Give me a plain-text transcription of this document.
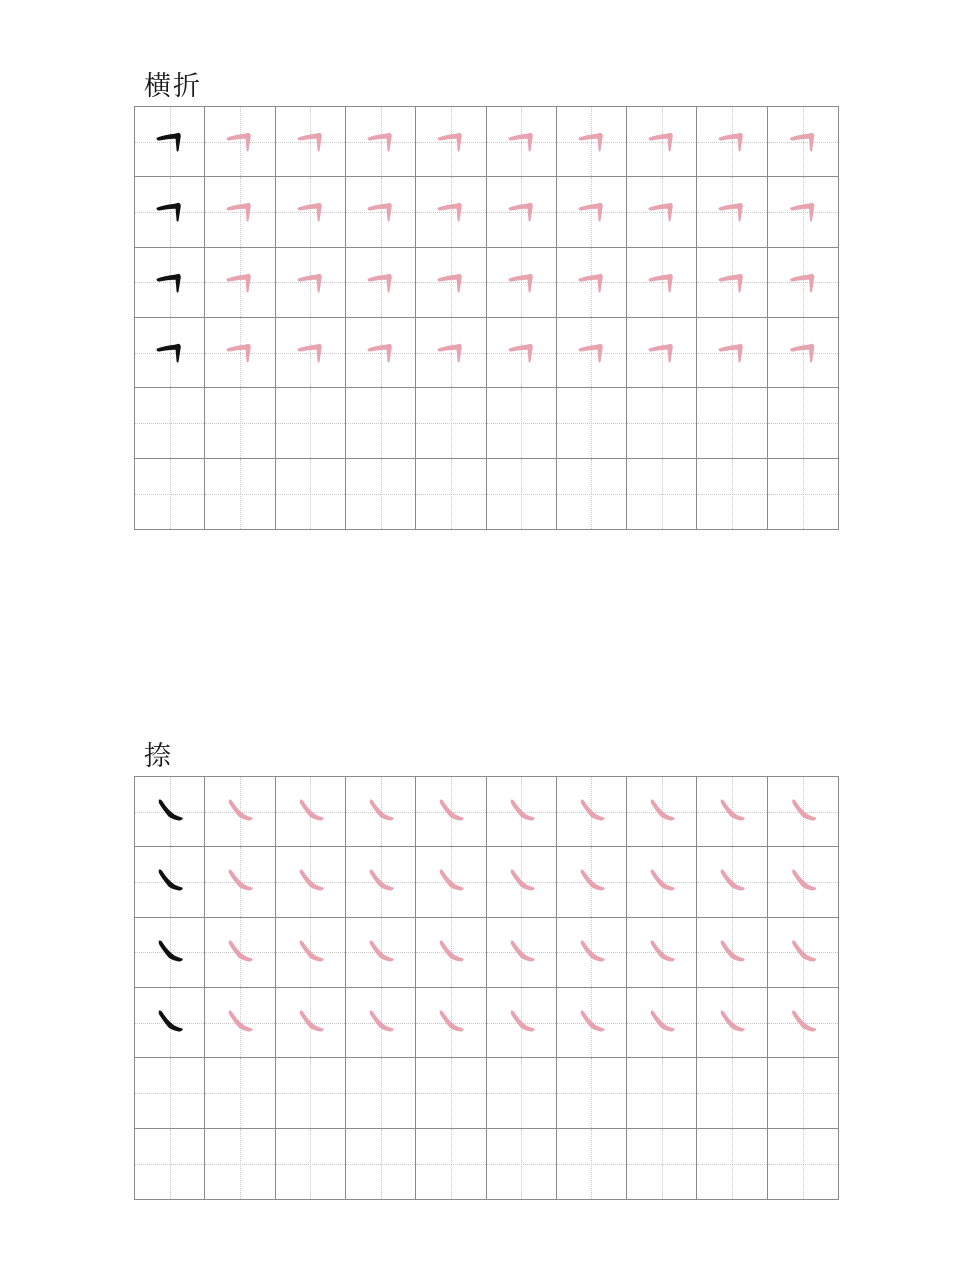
横折
捺
